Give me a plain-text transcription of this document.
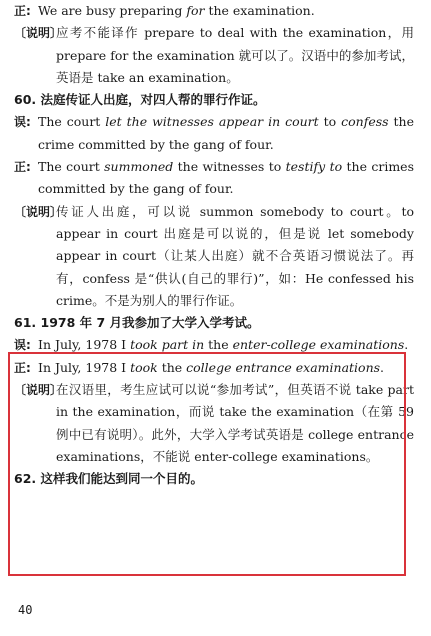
正: We are busy preparing for the examination.
〔说明〕
应考不能译作 prepare to deal with the examination，用 prepare for the examination 就可以了。汉语中的参加考试，英语是 take an examination。
60. 法庭传证人出庭，对四人帮的罪行作证。
误: The court let the witnesses appear in court to confess the crime committed by the gang of four.
正: The court summoned the witnesses to testify to the crimes committed by the gang of four.
〔说明〕
传证人出庭，可以说 summon somebody to court。to appear in court 出庭是可以说的，但是说 let somebody appear in court（让某人出庭）就不合英语习惯说法了。再有，confess 是“供认(自己的罪行)”，如：He confessed his crime。不是为别人的罪行作证。
61. 1978 年 7 月我参加了大学入学考试。
误: In July, 1978 I took part in the enter-college examinations.
正: In July, 1978 I took the college entrance examinations.
〔说明〕
在汉语里，考生应试可以说“参加考试”，但英语不说 take part in the examination，而说 take the examination（在第 59 例中已有说明）。此外，大学入学考试英语是 college entrance examinations，不能说 enter-college examinations。
62. 这样我们能达到同一个目的。
40
